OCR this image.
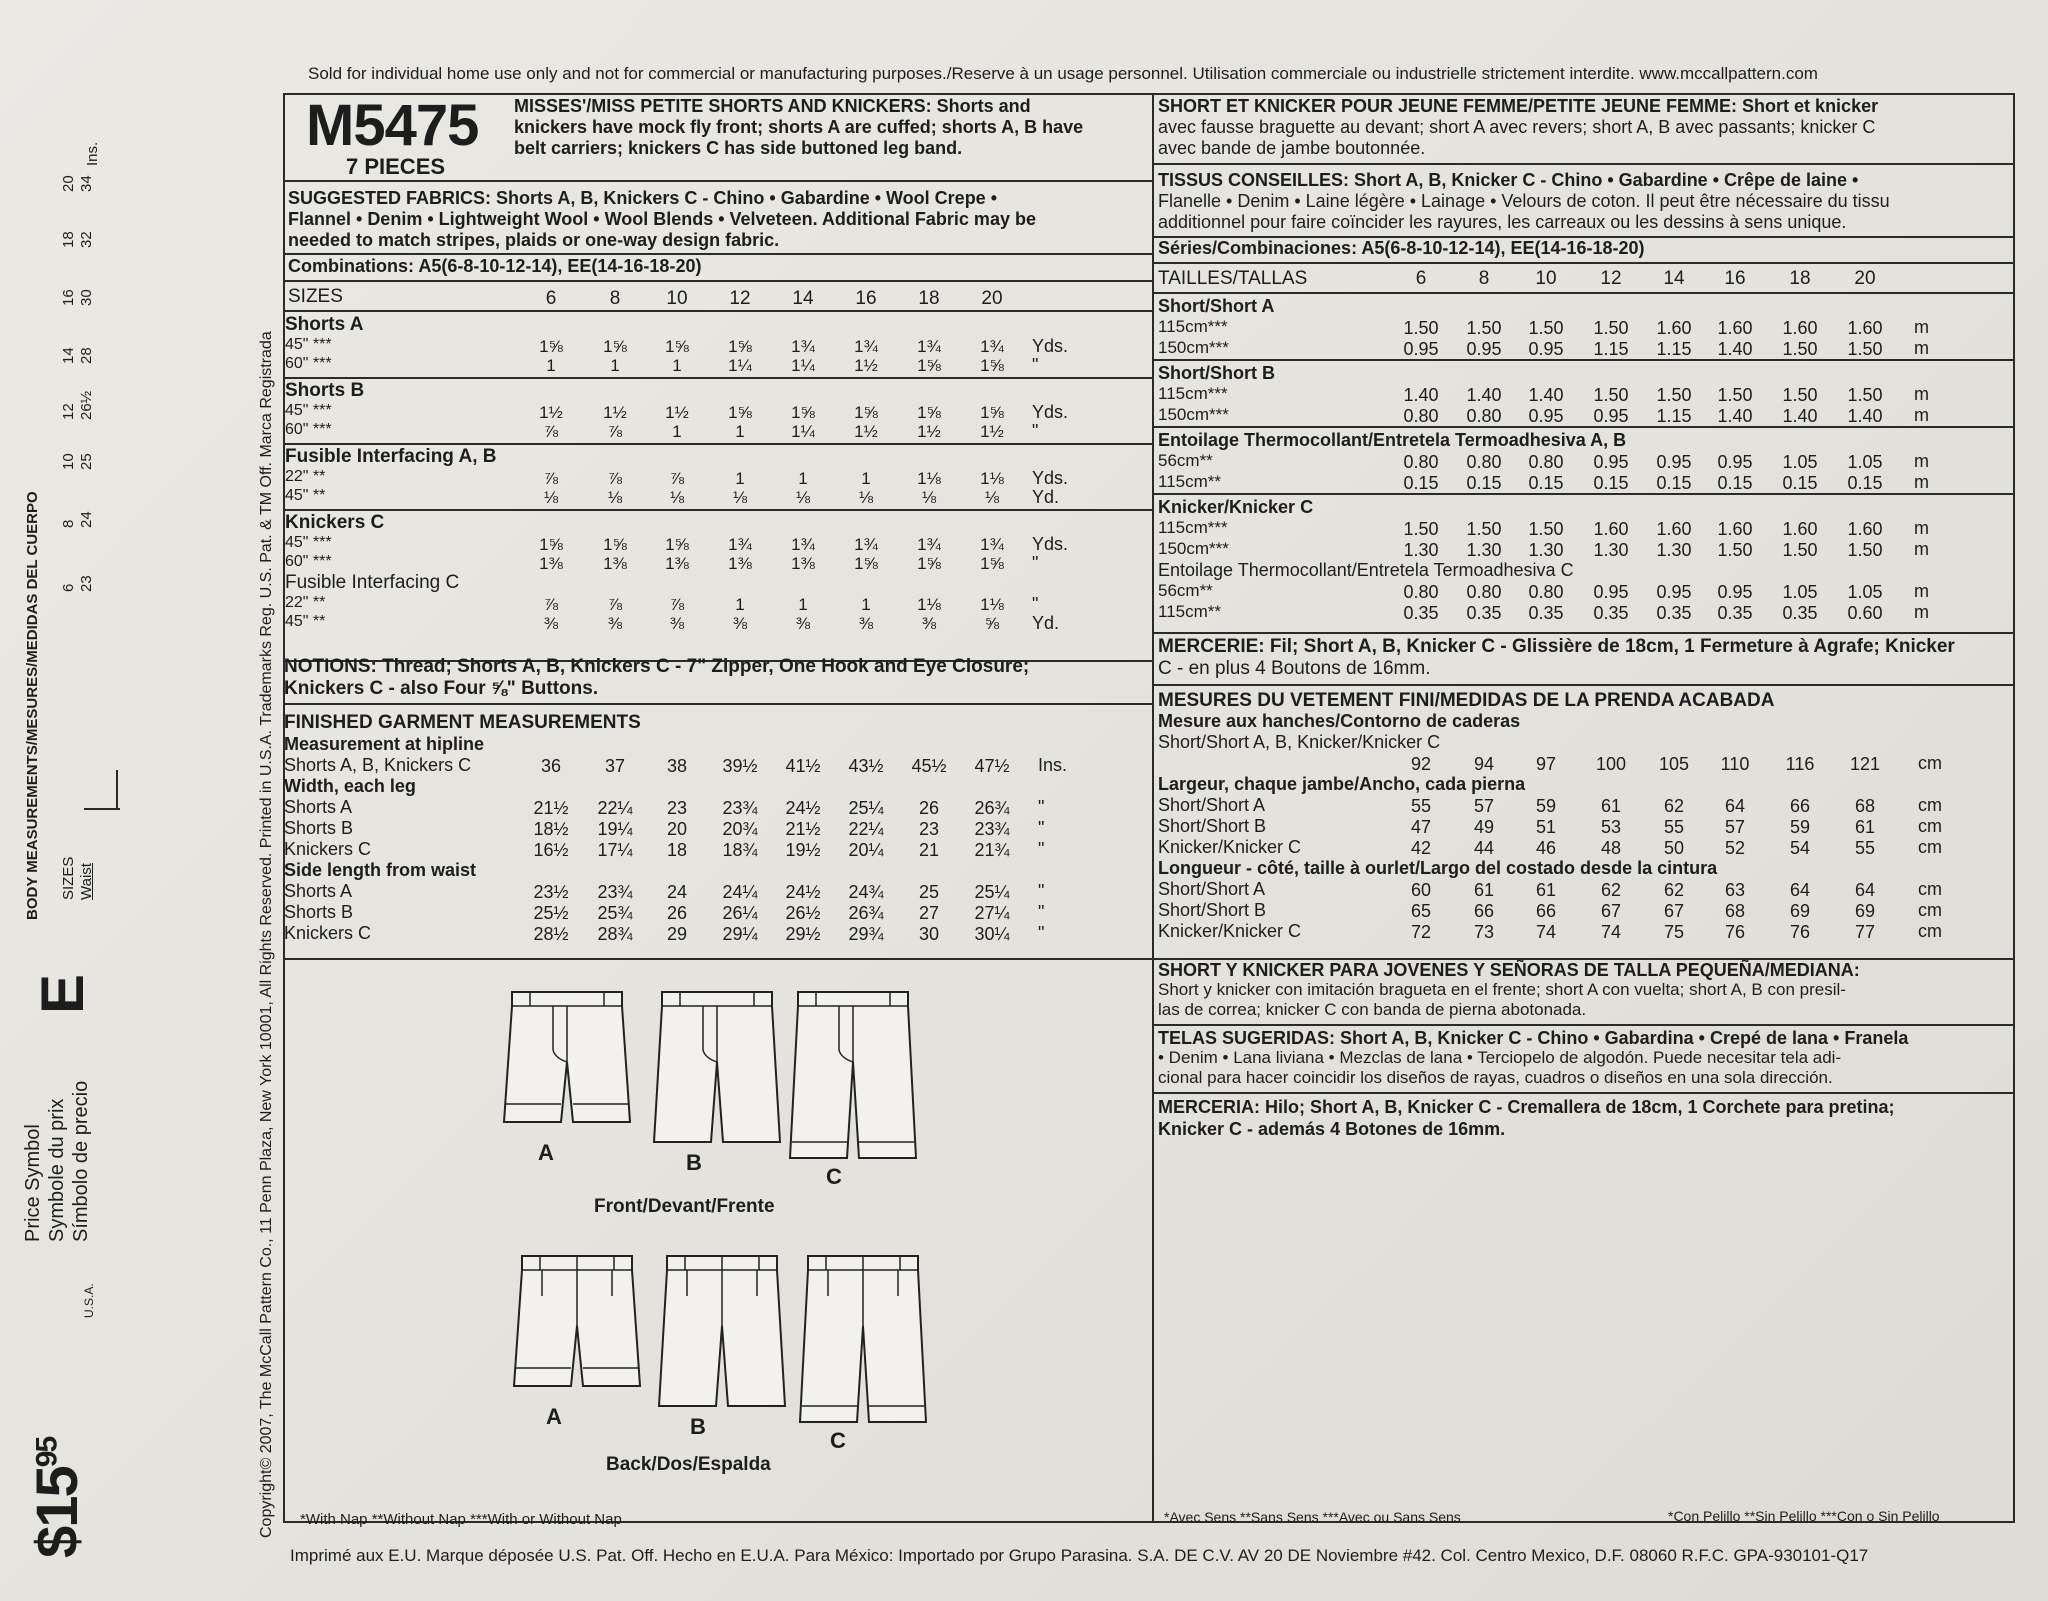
Sold for individual home use only and not for commercial or manufacturing purposes./Reserve à un usage personnel. Utilisation commerciale ou industrielle strictement interdite. www.mccallpattern.com
$\$15^{95}$
U.S.A.
Price Symbol Symbole du prix Símbolo de precio
E
BODY MEASUREMENTS/MESURES/MEDIDAS DEL CUERPO SIZES Waist
6 23
8 24
10 25
12 26½
14 28
16 30
18 32
20 34
Ins.
Copyright© 2007, The McCall Pattern Co., 11 Penn Plaza, New York 10001, All Rights Reserved. Printed in U.S.A. Trademarks Reg. U.S. Pat. & TM Off. Marca Registrada
M5475
7 PIECES
MISSES'/MISS PETITE SHORTS AND KNICKERS: Shorts and
knickers have mock fly front; shorts A are cuffed; shorts A, B have
belt carriers; knickers C has side buttoned leg band.
SUGGESTED FABRICS: Shorts A, B, Knickers C - Chino • Gabardine • Wool Crepe •
Flannel • Denim • Lightweight Wool • Wool Blends • Velveteen. Additional Fabric may be
needed to match stripes, plaids or one-way design fabric.
Combinations: A5(6-8-10-12-14), EE(14-16-18-20)
SIZES	6	8	10	12	14	16	18	20
Shorts A
45" ***	1⅝	1⅝	1⅝	1⅝	1¾	1¾	1¾	1¾	Yds.
60" ***	1	1	1	1¼	1¼	1½	1⅝	1⅝	"
Shorts B
45" ***	1½	1½	1½	1⅝	1⅝	1⅝	1⅝	1⅝	Yds.
60" ***	⅞	⅞	1	1	1¼	1½	1½	1½	"
Fusible Interfacing A, B
22" **	⅞	⅞	⅞	1	1	1	1⅛	1⅛	Yds.
45" **	⅛	⅛	⅛	⅛	⅛	⅛	⅛	⅛	Yd.
Knickers C
45" ***	1⅝	1⅝	1⅝	1¾	1¾	1¾	1¾	1¾	Yds.
60" ***	1⅜	1⅜	1⅜	1⅜	1⅜	1⅝	1⅝	1⅝	"
Fusible Interfacing C
22" **	⅞	⅞	⅞	1	1	1	1⅛	1⅛	"
45" **	⅜	⅜	⅜	⅜	⅜	⅜	⅜	⅝	Yd.
NOTIONS: Thread; Shorts A, B, Knickers C - 7" Zipper, One Hook and Eye Closure;
Knickers C - also Four ⅝" Buttons.
FINISHED GARMENT MEASUREMENTS
Measurement at hipline
Shorts A, B, Knickers C	36	37	38	39½	41½	43½	45½	47½	Ins.
Width, each leg
Shorts A	21½	22¼	23	23¾	24½	25¼	26	26¾	"
Shorts B	18½	19¼	20	20¾	21½	22¼	23	23¾	"
Knickers C	16½	17¼	18	18¾	19½	20¼	21	21¾	"
Side length from waist
Shorts A	23½	23¾	24	24¼	24½	24¾	25	25¼	"
Shorts B	25½	25¾	26	26¼	26½	26¾	27	27¼	"
Knickers C	28½	28¾	29	29¼	29½	29¾	30	30¼	"
A	B
C
Front/Devant/Frente
A	B
C
Back/Dos/Espalda
*With Nap **Without Nap ***With or Without Nap
SHORT ET KNICKER POUR JEUNE FEMME/PETITE JEUNE FEMME: Short et knicker
avec fausse braguette au devant; short A avec revers; short A, B avec passants; knicker C
avec bande de jambe boutonnée.
TISSUS CONSEILLES: Short A, B, Knicker C - Chino • Gabardine • Crêpe de laine •
Flanelle • Denim • Laine légère • Lainage • Velours de coton. Il peut être nécessaire du tissu
additionnel pour faire coïncider les rayures, les carreaux ou les dessins à sens unique.
Séries/Combinaciones: A5(6-8-10-12-14), EE(14-16-18-20)
TAILLES/TALLAS	6	8	10	12	14	16	18	20
Short/Short A
115cm***	1.50	1.50	1.50	1.50	1.60	1.60	1.60	1.60	m
150cm***	0.95	0.95	0.95	1.15	1.15	1.40	1.50	1.50	m
Short/Short B
115cm***	1.40	1.40	1.40	1.50	1.50	1.50	1.50	1.50	m
150cm***	0.80	0.80	0.95	0.95	1.15	1.40	1.40	1.40	m
Entoilage Thermocollant/Entretela Termoadhesiva A, B
56cm**	0.80	0.80	0.80	0.95	0.95	0.95	1.05	1.05	m
115cm**	0.15	0.15	0.15	0.15	0.15	0.15	0.15	0.15	m
Knicker/Knicker C
115cm***	1.50	1.50	1.50	1.60	1.60	1.60	1.60	1.60	m
150cm***	1.30	1.30	1.30	1.30	1.30	1.50	1.50	1.50	m
Entoilage Thermocollant/Entretela Termoadhesiva C
56cm**	0.80	0.80	0.80	0.95	0.95	0.95	1.05	1.05	m
115cm**	0.35	0.35	0.35	0.35	0.35	0.35	0.35	0.60	m
MERCERIE: Fil; Short A, B, Knicker C - Glissière de 18cm, 1 Fermeture à Agrafe; Knicker
C - en plus 4 Boutons de 16mm.
MESURES DU VETEMENT FINI/MEDIDAS DE LA PRENDA ACABADA
Mesure aux hanches/Contorno de caderas
Short/Short A, B, Knicker/Knicker C
92	94	97	100	105	110	116	121	cm
Largeur, chaque jambe/Ancho, cada pierna
Short/Short A	55	57	59	61	62	64	66	68	cm
Short/Short B	47	49	51	53	55	57	59	61	cm
Knicker/Knicker C	42	44	46	48	50	52	54	55	cm
Longueur - côté, taille à ourlet/Largo del costado desde la cintura
Short/Short A	60	61	61	62	62	63	64	64	cm
Short/Short B	65	66	66	67	67	68	69	69	cm
Knicker/Knicker C	72	73	74	74	75	76	76	77	cm
SHORT Y KNICKER PARA JOVENES Y SEÑORAS DE TALLA PEQUEÑA/MEDIANA:
Short y knicker con imitación bragueta en el frente; short A con vuelta; short A, B con presil-
las de correa; knicker C con banda de pierna abotonada.
TELAS SUGERIDAS: Short A, B, Knicker C - Chino • Gabardina • Crepé de lana • Franela
• Denim • Lana liviana • Mezclas de lana • Terciopelo de algodón. Puede necesitar tela adi-
cional para hacer coincidir los diseños de rayas, cuadros o diseños en una sola dirección.
MERCERIA: Hilo; Short A, B, Knicker C - Cremallera de 18cm, 1 Corchete para pretina;
Knicker C - además 4 Botones de 16mm.
*Avec Sens **Sans Sens ***Avec ou Sans Sens	*Con Pelillo **Sin Pelillo ***Con o Sin Pelillo
Imprimé aux E.U. Marque déposée U.S. Pat. Off. Hecho en E.U.A. Para México: Importado por Grupo Parasina. S.A. DE C.V. AV 20 DE Noviembre #42. Col. Centro Mexico, D.F. 08060 R.F.C. GPA-930101-Q17
